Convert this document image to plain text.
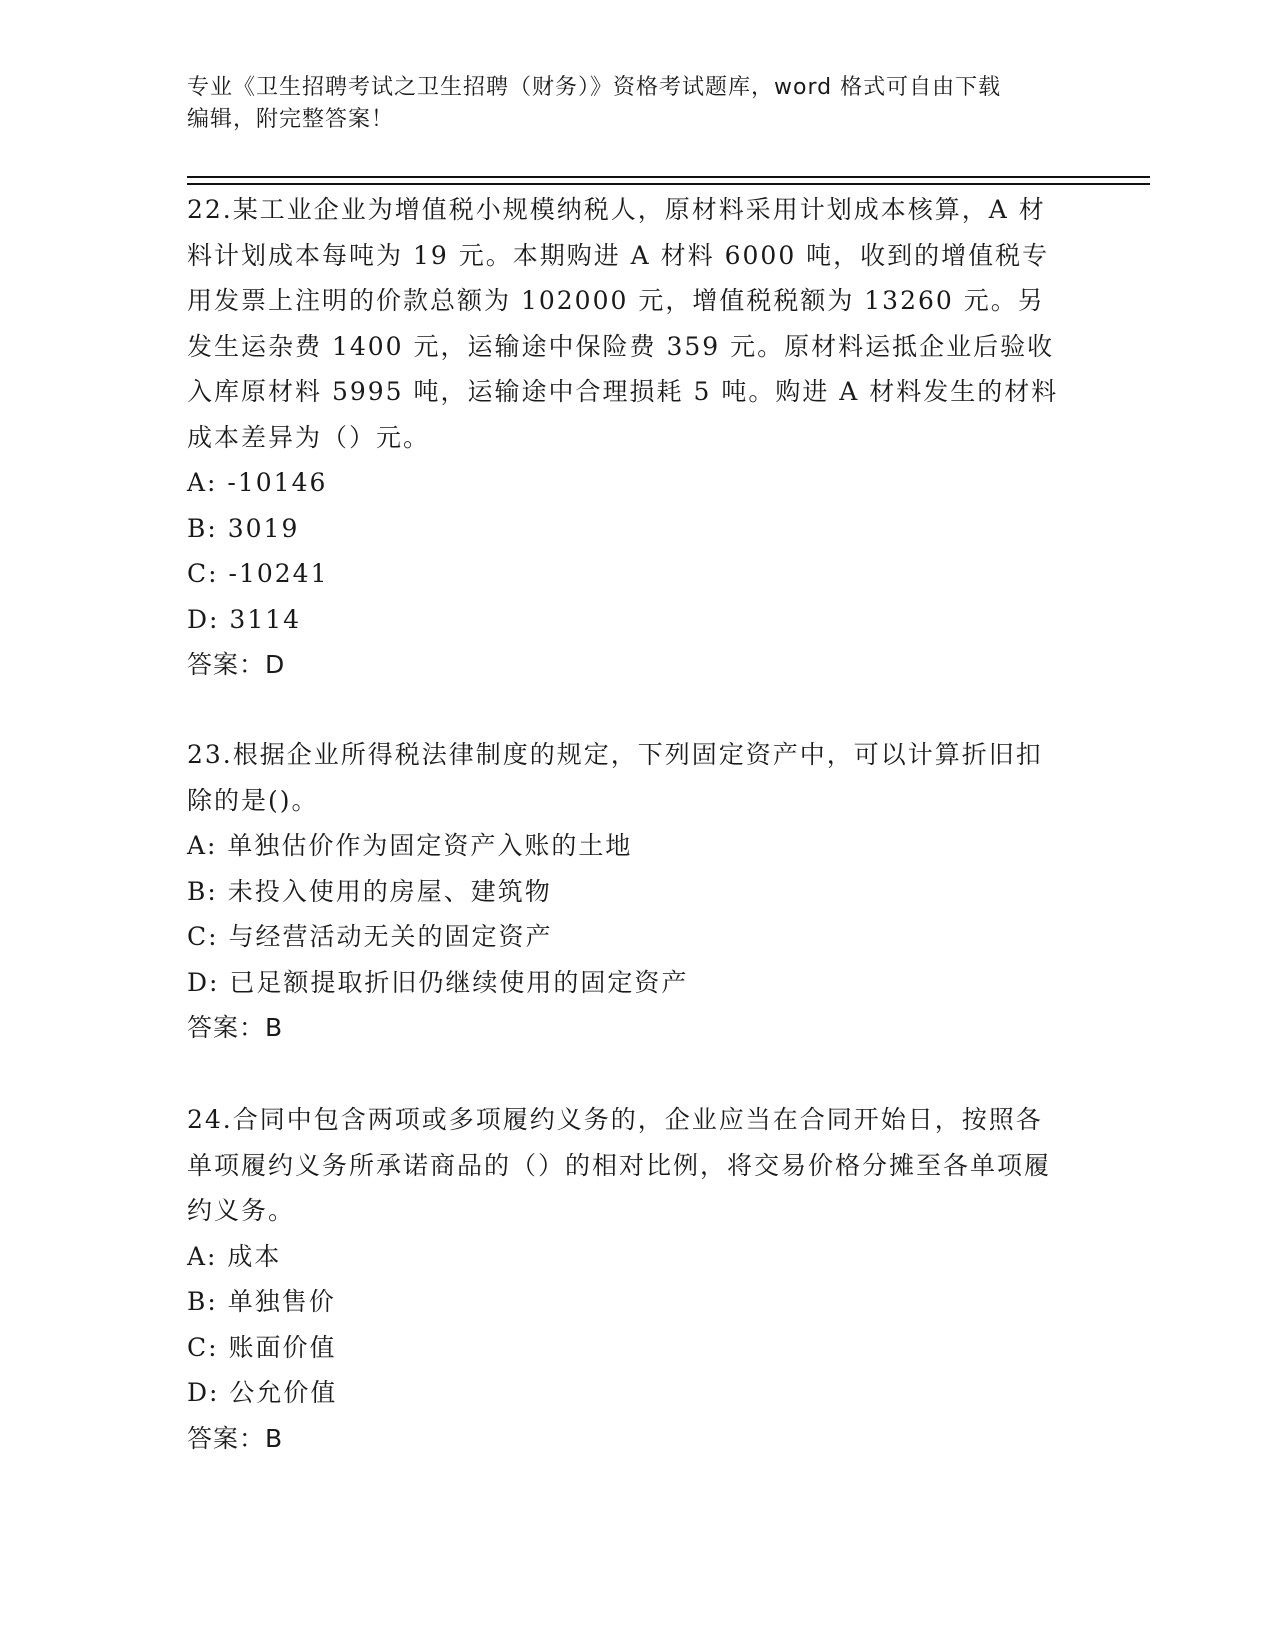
专业《卫生招聘考试之卫生招聘（财务）》资格考试题库，word 格式可自由下载
编辑，附完整答案！

22.某工业企业为增值税小规模纳税人，原材料采用计划成本核算，A 材料计划成本每吨为 19 元。本期购进 A 材料 6000 吨，收到的增值税专用发票上注明的价款总额为 102000 元，增值税税额为 13260 元。另发生运杂费 1400 元，运输途中保险费 359 元。原材料运抵企业后验收入库原材料 5995 吨，运输途中合理损耗 5 吨。购进 A 材料发生的材料成本差异为（）元。

A: -10146

B: 3019

C: -10241

D: 3114

答案：D

23.根据企业所得税法律制度的规定，下列固定资产中，可以计算折旧扣除的是()。

A: 单独估价作为固定资产入账的土地

B: 未投入使用的房屋、建筑物

C: 与经营活动无关的固定资产

D: 已足额提取折旧仍继续使用的固定资产

答案：B

24.合同中包含两项或多项履约义务的，企业应当在合同开始日，按照各单项履约义务所承诺商品的（）的相对比例，将交易价格分摊至各单项履约义务。

A: 成本

B: 单独售价

C: 账面价值

D: 公允价值

答案：B
